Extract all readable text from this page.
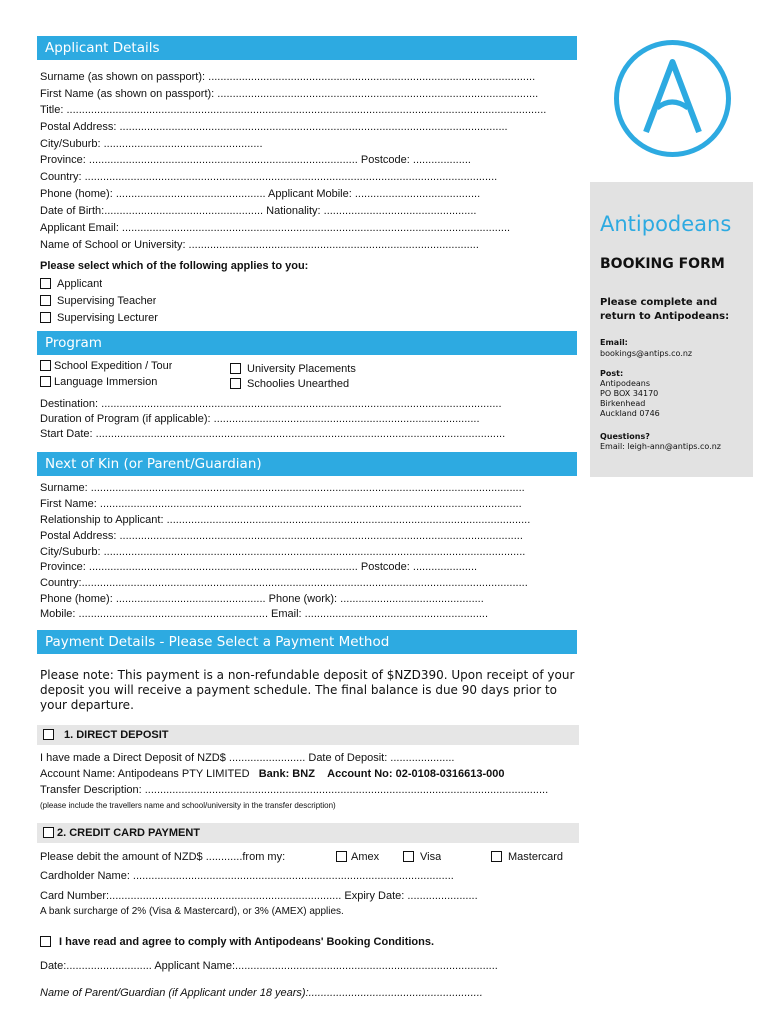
Applicant Details
Surname (as shown on passport): ...........................................................................................................
First Name (as shown on passport): .........................................................................................................
Title: .............................................................................................................................................................
Postal Address: ...............................................................................................................................
City/Suburb: ....................................................
Province: ........................................................................................ Postcode: ...................
Country: .......................................................................................................................................
Phone (home): ................................................. Applicant Mobile: .........................................
Date of Birth:.................................................... Nationality: ..................................................
Applicant Email: ...............................................................................................................................
Name of School or University: ...............................................................................................
Please select which of the following applies to you:
Applicant
Supervising Teacher
Supervising Lecturer
Program
School Expedition / Tour
Language Immersion
University Placements
Schoolies Unearthed
Destination: ...................................................................................................................................
Duration of Program (if applicable): .......................................................................................
Start Date: ......................................................................................................................................
A
Antipodeans
BOOKING FORM
Please complete and return to Antipodeans:
Email:
bookings@antips.co.nz
Post:
Antipodeans
PO BOX 34170
Birkenhead
Auckland 0746
Questions?
Email: leigh-ann@antips.co.nz
Next of Kin (or Parent/Guardian)
Surname: ..............................................................................................................................................
First Name: ..........................................................................................................................................
Relationship to Applicant: .......................................................................................................................
Postal Address: ....................................................................................................................................
City/Suburb: ..........................................................................................................................................
Province: ........................................................................................ Postcode: .....................
Country:..................................................................................................................................................
Phone (home): ................................................. Phone (work): ...............................................
Mobile: .............................................................. Email: ............................................................
Payment Details - Please Select a Payment Method
Please note: This payment is a non-refundable deposit of $NZD390. Upon receipt of your deposit you will receive a payment schedule. The final balance is due 90 days prior to your departure.
1. DIRECT DEPOSIT
I have made a Direct Deposit of NZD$ ......................... Date of Deposit: .....................
Account Name: Antipodeans PTY LIMITED Bank: BNZ Account No: 02-0108-0316613-000
Transfer Description: ....................................................................................................................................
(please include the travellers name and school/university in the transfer description)
2. CREDIT CARD PAYMENT
Please debit the amount of NZD$ ............from my:	Amex	Visa	Mastercard
Cardholder Name: .........................................................................................................
Card Number:............................................................................ Expiry Date: .......................
A bank surcharge of 2% (Visa & Mastercard), or 3% (AMEX) applies.
I have read and agree to comply with Antipodeans' Booking Conditions.
Date:............................ Applicant Name:......................................................................................
Name of Parent/Guardian (if Applicant under 18 years):.........................................................
